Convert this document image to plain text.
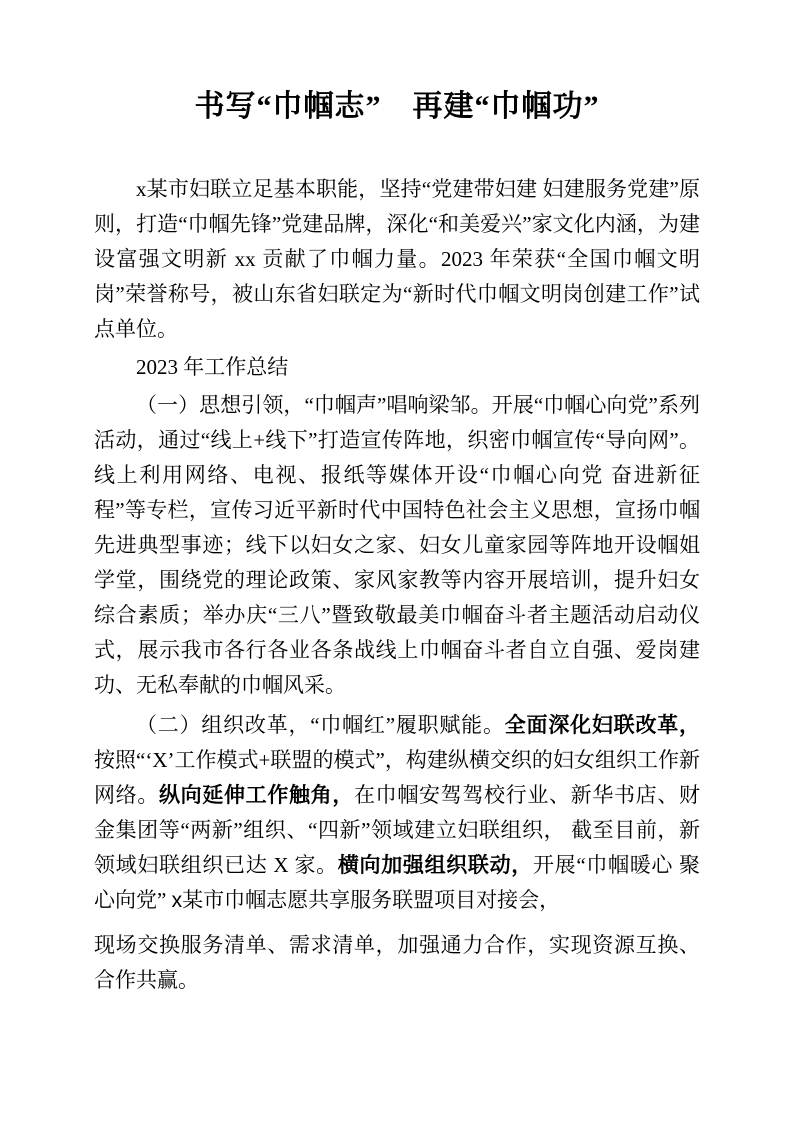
书写“巾帼志”　再建“巾帼功”

x某市妇联立足基本职能，坚持“党建带妇建 妇建服务党建”原则，打造“巾帼先锋”党建品牌，深化“和美爱兴”家文化内涵，为建设富强文明新 xx 贡献了巾帼力量。2023 年荣获“全国巾帼文明岗”荣誉称号，被山东省妇联定为“新时代巾帼文明岗创建工作”试点单位。

2023 年工作总结

（一）思想引领，“巾帼声”唱响梁邹。开展“巾帼心向党”系列活动，通过“线上+线下”打造宣传阵地，织密巾帼宣传“导向网”。线上利用网络、电视、报纸等媒体开设“巾帼心向党 奋进新征程”等专栏，宣传习近平新时代中国特色社会主义思想，宣扬巾帼先进典型事迹；线下以妇女之家、妇女儿童家园等阵地开设帼姐学堂，围绕党的理论政策、家风家教等内容开展培训，提升妇女综合素质；举办庆“三八”暨致敬最美巾帼奋斗者主题活动启动仪式，展示我市各行各业各条战线上巾帼奋斗者自立自强、爱岗建功、无私奉献的巾帼风采。

（二）组织改革，“巾帼红”履职赋能。全面深化妇联改革，按照“‘X’工作模式+联盟的模式”，构建纵横交织的妇女组织工作新网络。纵向延伸工作触角，在巾帼安驾驾校行业、新华书店、财金集团等“两新”组织、“四新”领域建立妇联组织， 截至目前，新领域妇联组织已达 X 家。横向加强组织联动，开展“巾帼暖心 聚心向党” x某市巾帼志愿共享服务联盟项目对接会，

现场交换服务清单、需求清单，加强通力合作，实现资源互换、合作共赢。
